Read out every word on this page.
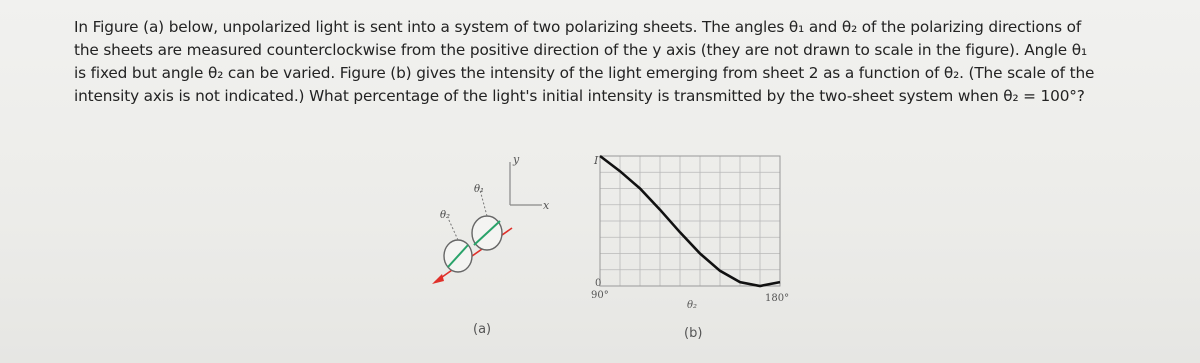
In Figure (a) below, unpolarized light is sent into a system of two polarizing sheets. The angles θ₁ and θ₂ of the polarizing directions of
the sheets are measured counterclockwise from the positive direction of the y axis (they are not drawn to scale in the figure). Angle θ₁
is fixed but angle θ₂ can be varied. Figure (b) gives the intensity of the light emerging from sheet 2 as a function of θ₂. (The scale of the
intensity axis is not indicated.) What percentage of the light's initial intensity is transmitted by the two-sheet system when θ₂ = 100°?
y
x
θ₁
θ₂
(a)
I
0
90°	180°
θ₂
(b)
